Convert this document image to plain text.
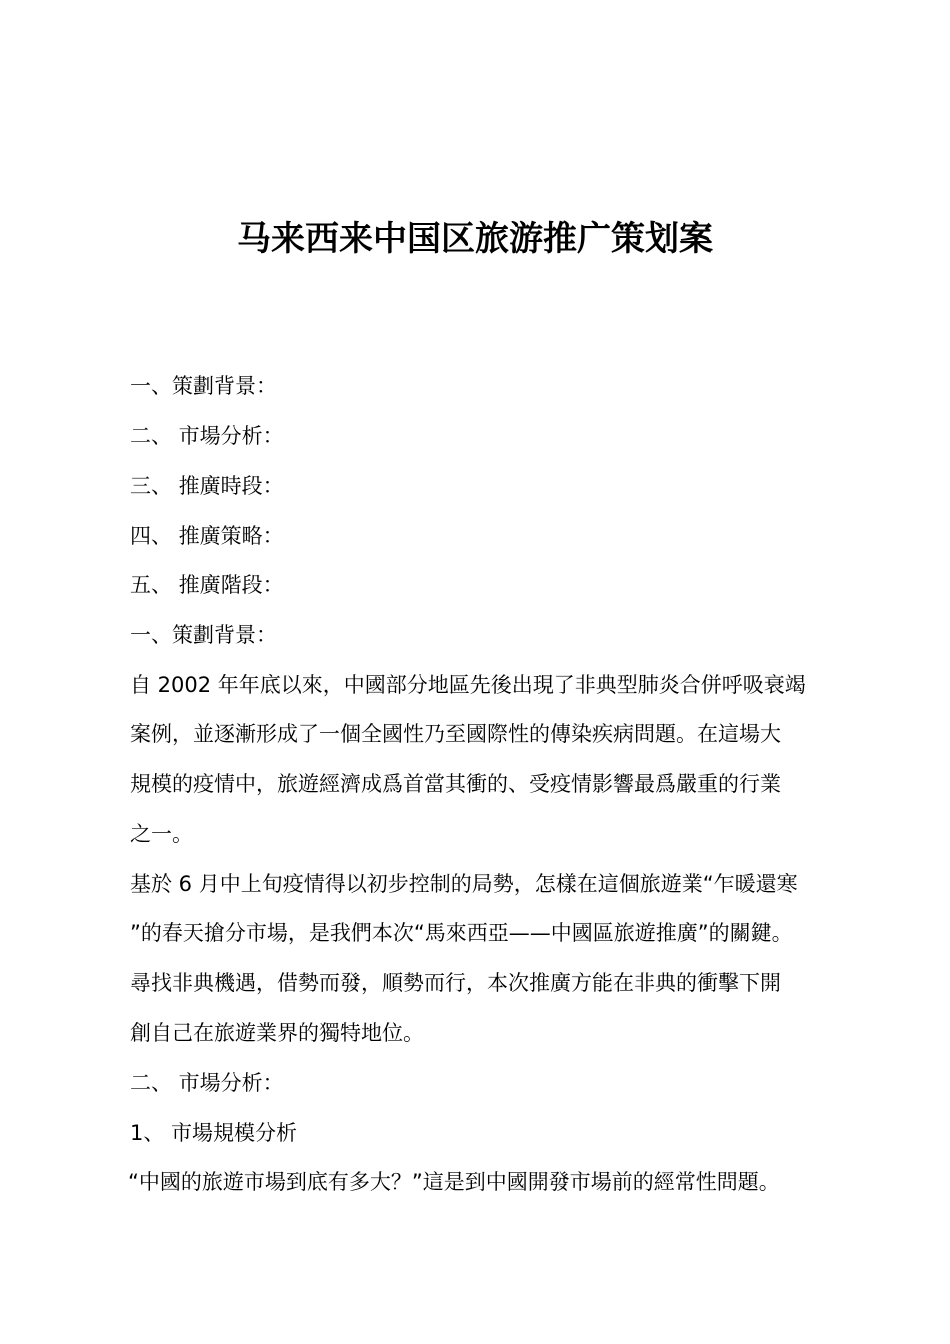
马来西来中国区旅游推广策划案
一、策劃背景：
二、 市場分析：
三、 推廣時段：
四、 推廣策略：
五、 推廣階段：
一、策劃背景：
自 2002 年年底以來，中國部分地區先後出現了非典型肺炎合併呼吸衰竭
案例，並逐漸形成了一個全國性乃至國際性的傳染疾病問題。在這場大
規模的疫情中，旅遊經濟成爲首當其衝的、受疫情影響最爲嚴重的行業
之一。
基於 6 月中上旬疫情得以初步控制的局勢，怎樣在這個旅遊業“乍暖還寒
”的春天搶分市場，是我們本次“馬來西亞——中國區旅遊推廣”的關鍵。
尋找非典機遇，借勢而發，順勢而行，本次推廣方能在非典的衝擊下開
創自己在旅遊業界的獨特地位。
二、 市場分析：
1、 市場規模分析
“中國的旅遊市場到底有多大？”這是到中國開發市場前的經常性問題。
